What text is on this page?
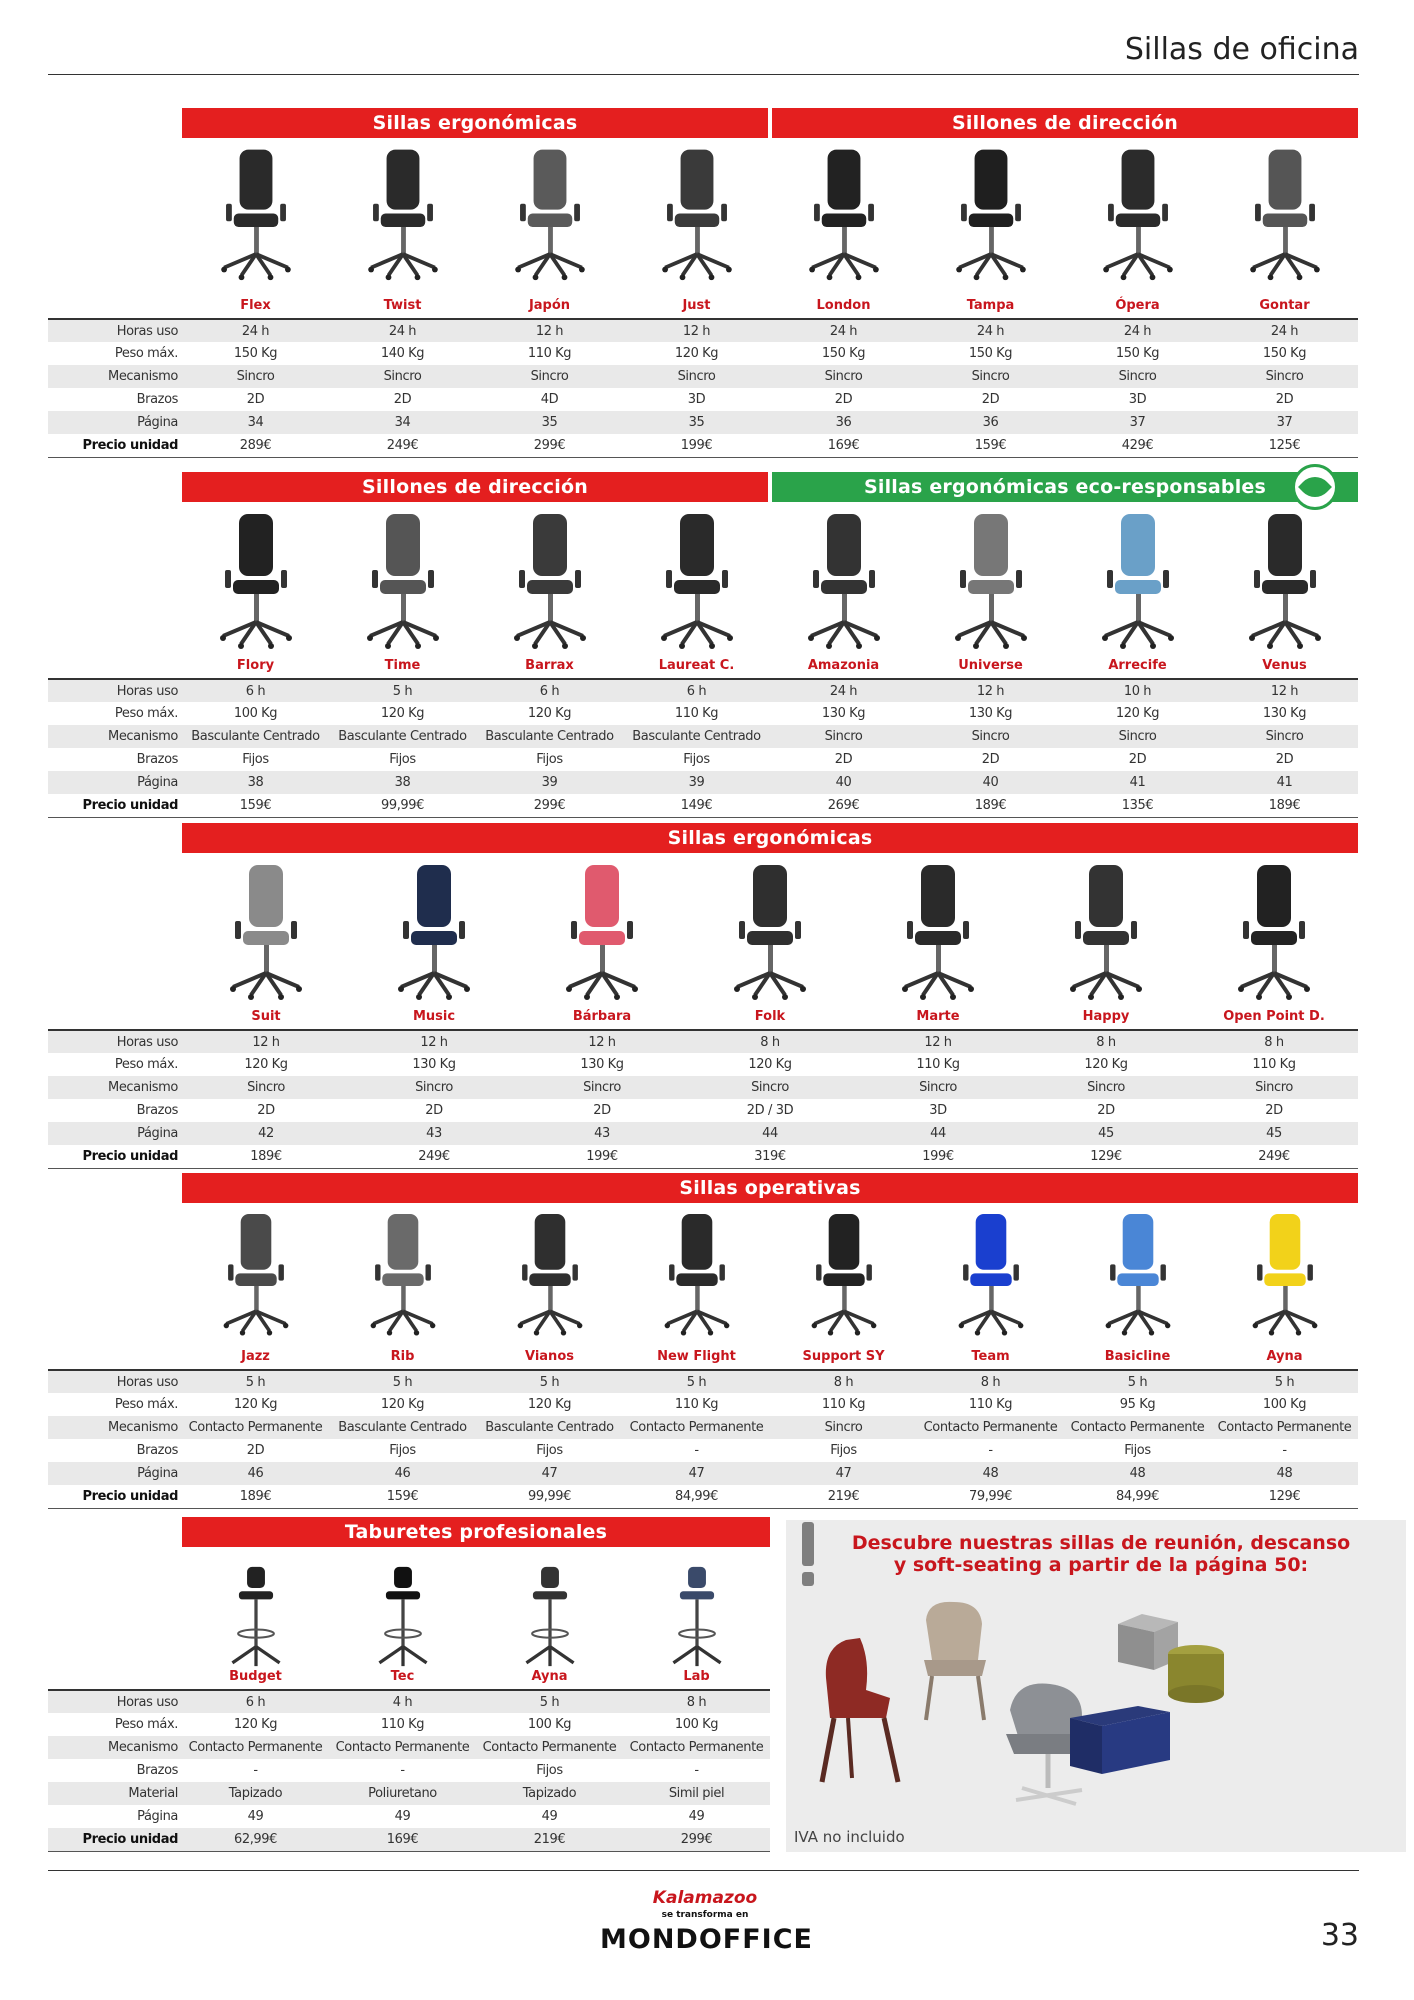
Sillas de oficina
Sillas ergonómicas	Sillones de dirección
Flex	Twist	Japón	Just	London	Tampa	Ópera	Gontar
Horas uso	24 h	24 h	12 h	12 h	24 h	24 h	24 h	24 h
Peso máx.	150 Kg	140 Kg	110 Kg	120 Kg	150 Kg	150 Kg	150 Kg	150 Kg
Mecanismo	Sincro	Sincro	Sincro	Sincro	Sincro	Sincro	Sincro	Sincro
Brazos	2D	2D	4D	3D	2D	2D	3D	2D
Página	34	34	35	35	36	36	37	37
Precio unidad	289€	249€	299€	199€	169€	159€	429€	125€
Sillones de dirección	Sillas ergonómicas eco-responsables
Flory	Time	Barrax	Laureat C.	Amazonia	Universe	Arrecife	Venus
Horas uso	6 h	5 h	6 h	6 h	24 h	12 h	10 h	12 h
Peso máx.	100 Kg	120 Kg	120 Kg	110 Kg	130 Kg	130 Kg	120 Kg	130 Kg
Mecanismo	Basculante Centrado	Basculante Centrado	Basculante Centrado	Basculante Centrado	Sincro	Sincro	Sincro	Sincro
Brazos	Fijos	Fijos	Fijos	Fijos	2D	2D	2D	2D
Página	38	38	39	39	40	40	41	41
Precio unidad	159€	99,99€	299€	149€	269€	189€	135€	189€
Sillas ergonómicas
Suit	Music	Bárbara	Folk	Marte	Happy	Open Point D.
Horas uso	12 h	12 h	12 h	8 h	12 h	8 h	8 h
Peso máx.	120 Kg	130 Kg	130 Kg	120 Kg	110 Kg	120 Kg	110 Kg
Mecanismo	Sincro	Sincro	Sincro	Sincro	Sincro	Sincro	Sincro
Brazos	2D	2D	2D	2D / 3D	3D	2D	2D
Página	42	43	43	44	44	45	45
Precio unidad	189€	249€	199€	319€	199€	129€	249€
Sillas operativas
Jazz	Rib	Vianos	New Flight	Support SY	Team	Basicline	Ayna
Horas uso	5 h	5 h	5 h	5 h	8 h	8 h	5 h	5 h
Peso máx.	120 Kg	120 Kg	120 Kg	110 Kg	110 Kg	110 Kg	95 Kg	100 Kg
Mecanismo	Contacto Permanente	Basculante Centrado	Basculante Centrado	Contacto Permanente	Sincro	Contacto Permanente	Contacto Permanente	Contacto Permanente
Brazos	2D	Fijos	Fijos	-	Fijos	-	Fijos	-
Página	46	46	47	47	47	48	48	48
Precio unidad	189€	159€	99,99€	84,99€	219€	79,99€	84,99€	129€
Taburetes profesionales
Budget	Tec	Ayna	Lab
Horas uso	6 h	4 h	5 h	8 h
Peso máx.	120 Kg	110 Kg	100 Kg	100 Kg
Mecanismo	Contacto Permanente	Contacto Permanente	Contacto Permanente	Contacto Permanente
Brazos	-	-	Fijos	-
Material	Tapizado	Poliuretano	Tapizado	Simil piel
Página	49	49	49	49
Precio unidad	62,99€	169€	219€	299€
Descubre nuestras sillas de reunión, descanso y soft-seating a partir de la página 50:
IVA no incluido
Kalamazoo
se transforma en
MONDOFFICE	33
